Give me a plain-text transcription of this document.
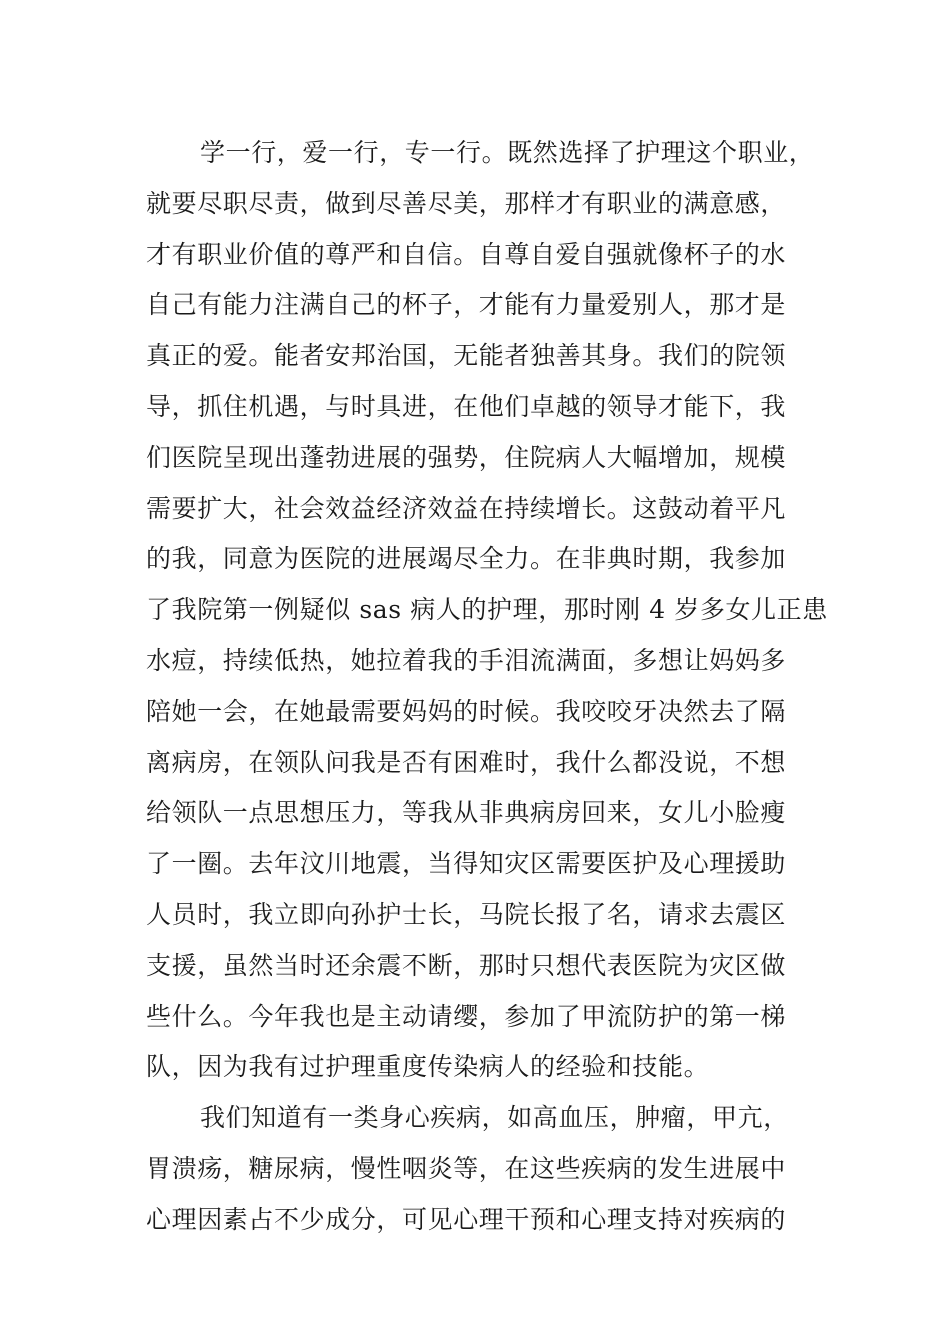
学一行，爱一行，专一行。既然选择了护理这个职业，
就要尽职尽责，做到尽善尽美，那样才有职业的满意感，
才有职业价值的尊严和自信。自尊自爱自强就像杯子的水
自己有能力注满自己的杯子，才能有力量爱别人，那才是
真正的爱。能者安邦治国，无能者独善其身。我们的院领
导，抓住机遇，与时具进，在他们卓越的领导才能下，我
们医院呈现出蓬勃进展的强势，住院病人大幅增加，规模
需要扩大，社会效益经济效益在持续增长。这鼓动着平凡
的我，同意为医院的进展竭尽全力。在非典时期，我参加
了我院第一例疑似 sas 病人的护理，那时刚 4 岁多女儿正患
水痘，持续低热，她拉着我的手泪流满面，多想让妈妈多
陪她一会，在她最需要妈妈的时候。我咬咬牙决然去了隔
离病房，在领队问我是否有困难时，我什么都没说，不想
给领队一点思想压力，等我从非典病房回来，女儿小脸瘦
了一圈。去年汶川地震，当得知灾区需要医护及心理援助
人员时，我立即向孙护士长，马院长报了名，请求去震区
支援，虽然当时还余震不断，那时只想代表医院为灾区做
些什么。今年我也是主动请缨，参加了甲流防护的第一梯
队，因为我有过护理重度传染病人的经验和技能。
我们知道有一类身心疾病，如高血压，肿瘤，甲亢，
胃溃疡，糖尿病，慢性咽炎等，在这些疾病的发生进展中
心理因素占不少成分，可见心理干预和心理支持对疾病的
